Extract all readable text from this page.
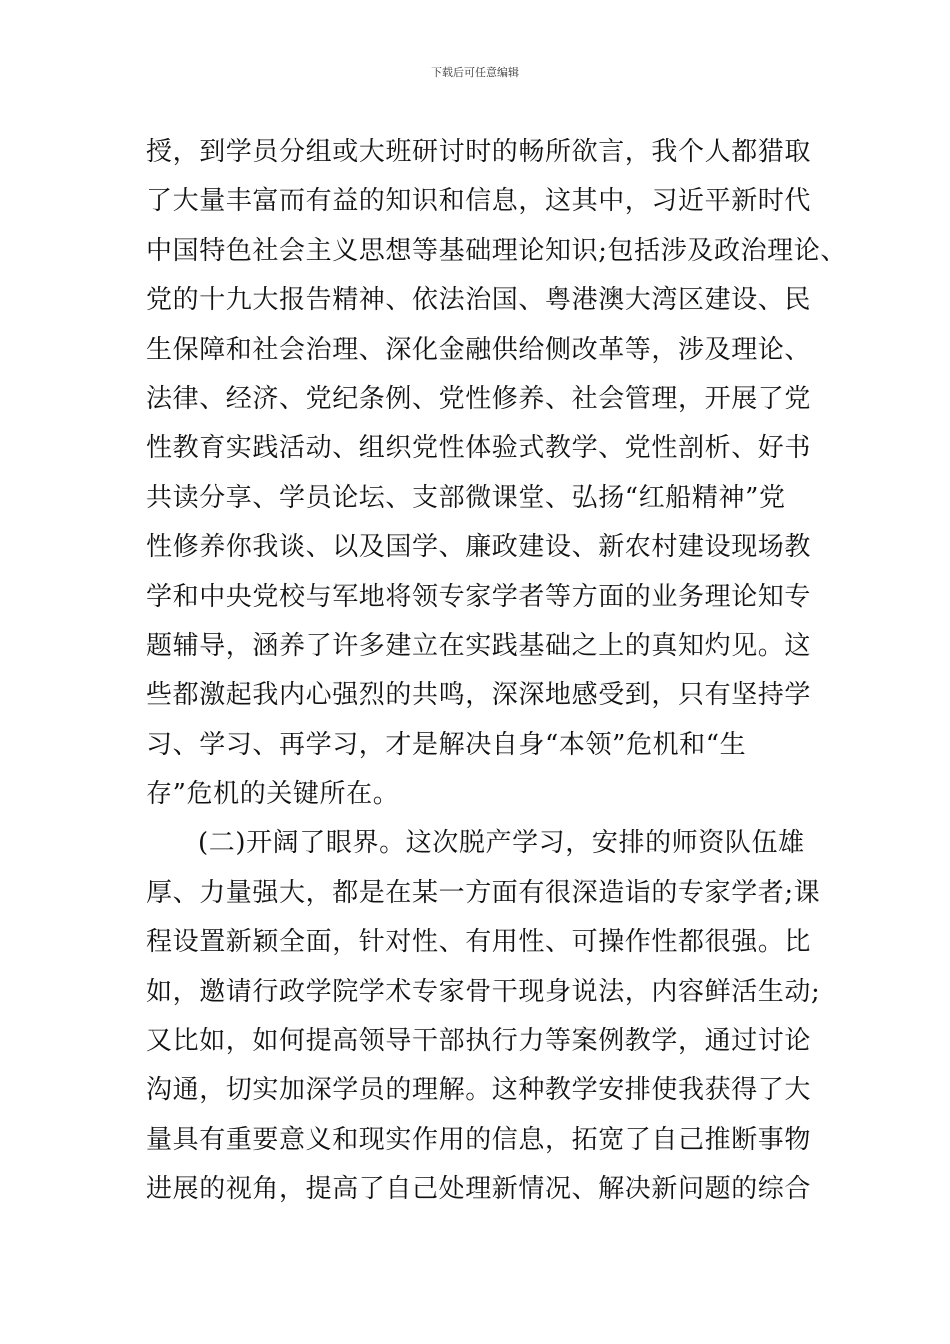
下载后可任意编辑
授，到学员分组或大班研讨时的畅所欲言，我个人都猎取
了大量丰富而有益的知识和信息，这其中，习近平新时代
中国特色社会主义思想等基础理论知识;包括涉及政治理论、
党的十九大报告精神、依法治国、粤港澳大湾区建设、民
生保障和社会治理、深化金融供给侧改革等，涉及理论、
法律、经济、党纪条例、党性修养、社会管理，开展了党
性教育实践活动、组织党性体验式教学、党性剖析、好书
共读分享、学员论坛、支部微课堂、弘扬“红船精神”党
性修养你我谈、以及国学、廉政建设、新农村建设现场教
学和中央党校与军地将领专家学者等方面的业务理论知专
题辅导，涵养了许多建立在实践基础之上的真知灼见。这
些都激起我内心强烈的共鸣，深深地感受到，只有坚持学
习、学习、再学习，才是解决自身“本领”危机和“生
存”危机的关键所在。
(二)开阔了眼界。这次脱产学习，安排的师资队伍雄
厚、力量强大，都是在某一方面有很深造诣的专家学者;课
程设置新颖全面，针对性、有用性、可操作性都很强。比
如，邀请行政学院学术专家骨干现身说法，内容鲜活生动;
又比如，如何提高领导干部执行力等案例教学，通过讨论
沟通，切实加深学员的理解。这种教学安排使我获得了大
量具有重要意义和现实作用的信息，拓宽了自己推断事物
进展的视角，提高了自己处理新情况、解决新问题的综合
